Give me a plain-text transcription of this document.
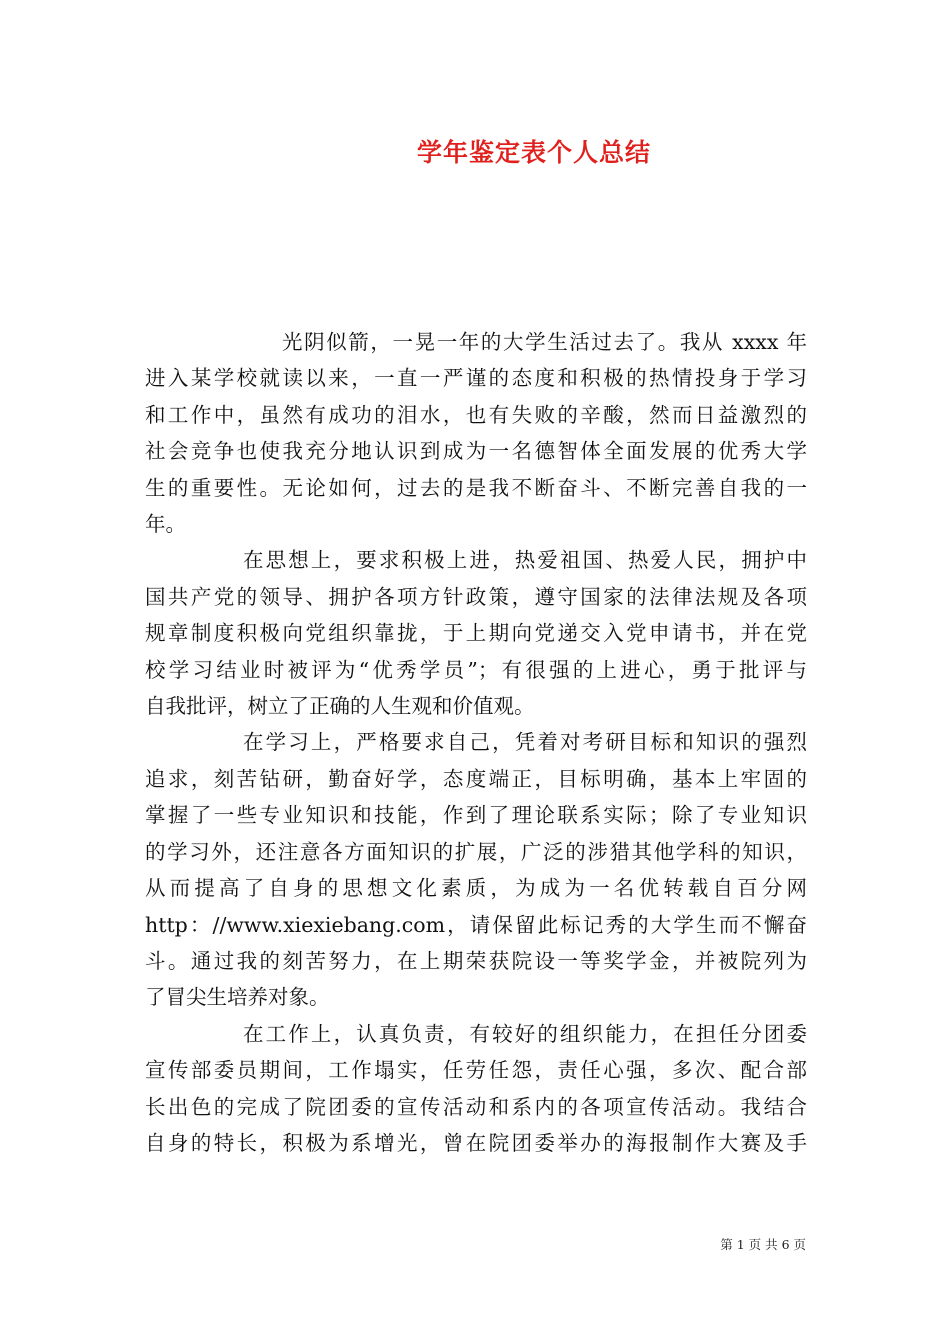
学年鉴定表个人总结

光阴似箭，一晃一年的大学生活过去了。我从 xxxx 年
进入某学校就读以来，一直一严谨的态度和积极的热情投身于学习
和工作中，虽然有成功的泪水，也有失败的辛酸，然而日益激烈的
社会竞争也使我充分地认识到成为一名德智体全面发展的优秀大学
生的重要性。无论如何，过去的是我不断奋斗、不断完善自我的一
年。

在思想上，要求积极上进，热爱祖国、热爱人民，拥护中
国共产党的领导、拥护各项方针政策，遵守国家的法律法规及各项
规章制度积极向党组织靠拢，于上期向党递交入党申请书，并在党
校学习结业时被评为“优秀学员”；有很强的上进心，勇于批评与
自我批评，树立了正确的人生观和价值观。

在学习上，严格要求自己，凭着对考研目标和知识的强烈
追求，刻苦钻研，勤奋好学，态度端正，目标明确，基本上牢固的
掌握了一些专业知识和技能，作到了理论联系实际；除了专业知识
的学习外，还注意各方面知识的扩展，广泛的涉猎其他学科的知识，
从而提高了自身的思想文化素质，为成为一名优转载自百分网
http：//www.xiexiebang.com，请保留此标记秀的大学生而不懈奋
斗。通过我的刻苦努力，在上期荣获院设一等奖学金，并被院列为
了冒尖生培养对象。

在工作上，认真负责，有较好的组织能力，在担任分团委
宣传部委员期间，工作塌实，任劳任怨，责任心强，多次、配合部
长出色的完成了院团委的宣传活动和系内的各项宣传活动。我结合
自身的特长，积极为系增光，曾在院团委举办的海报制作大赛及手

第 1 页 共 6 页
